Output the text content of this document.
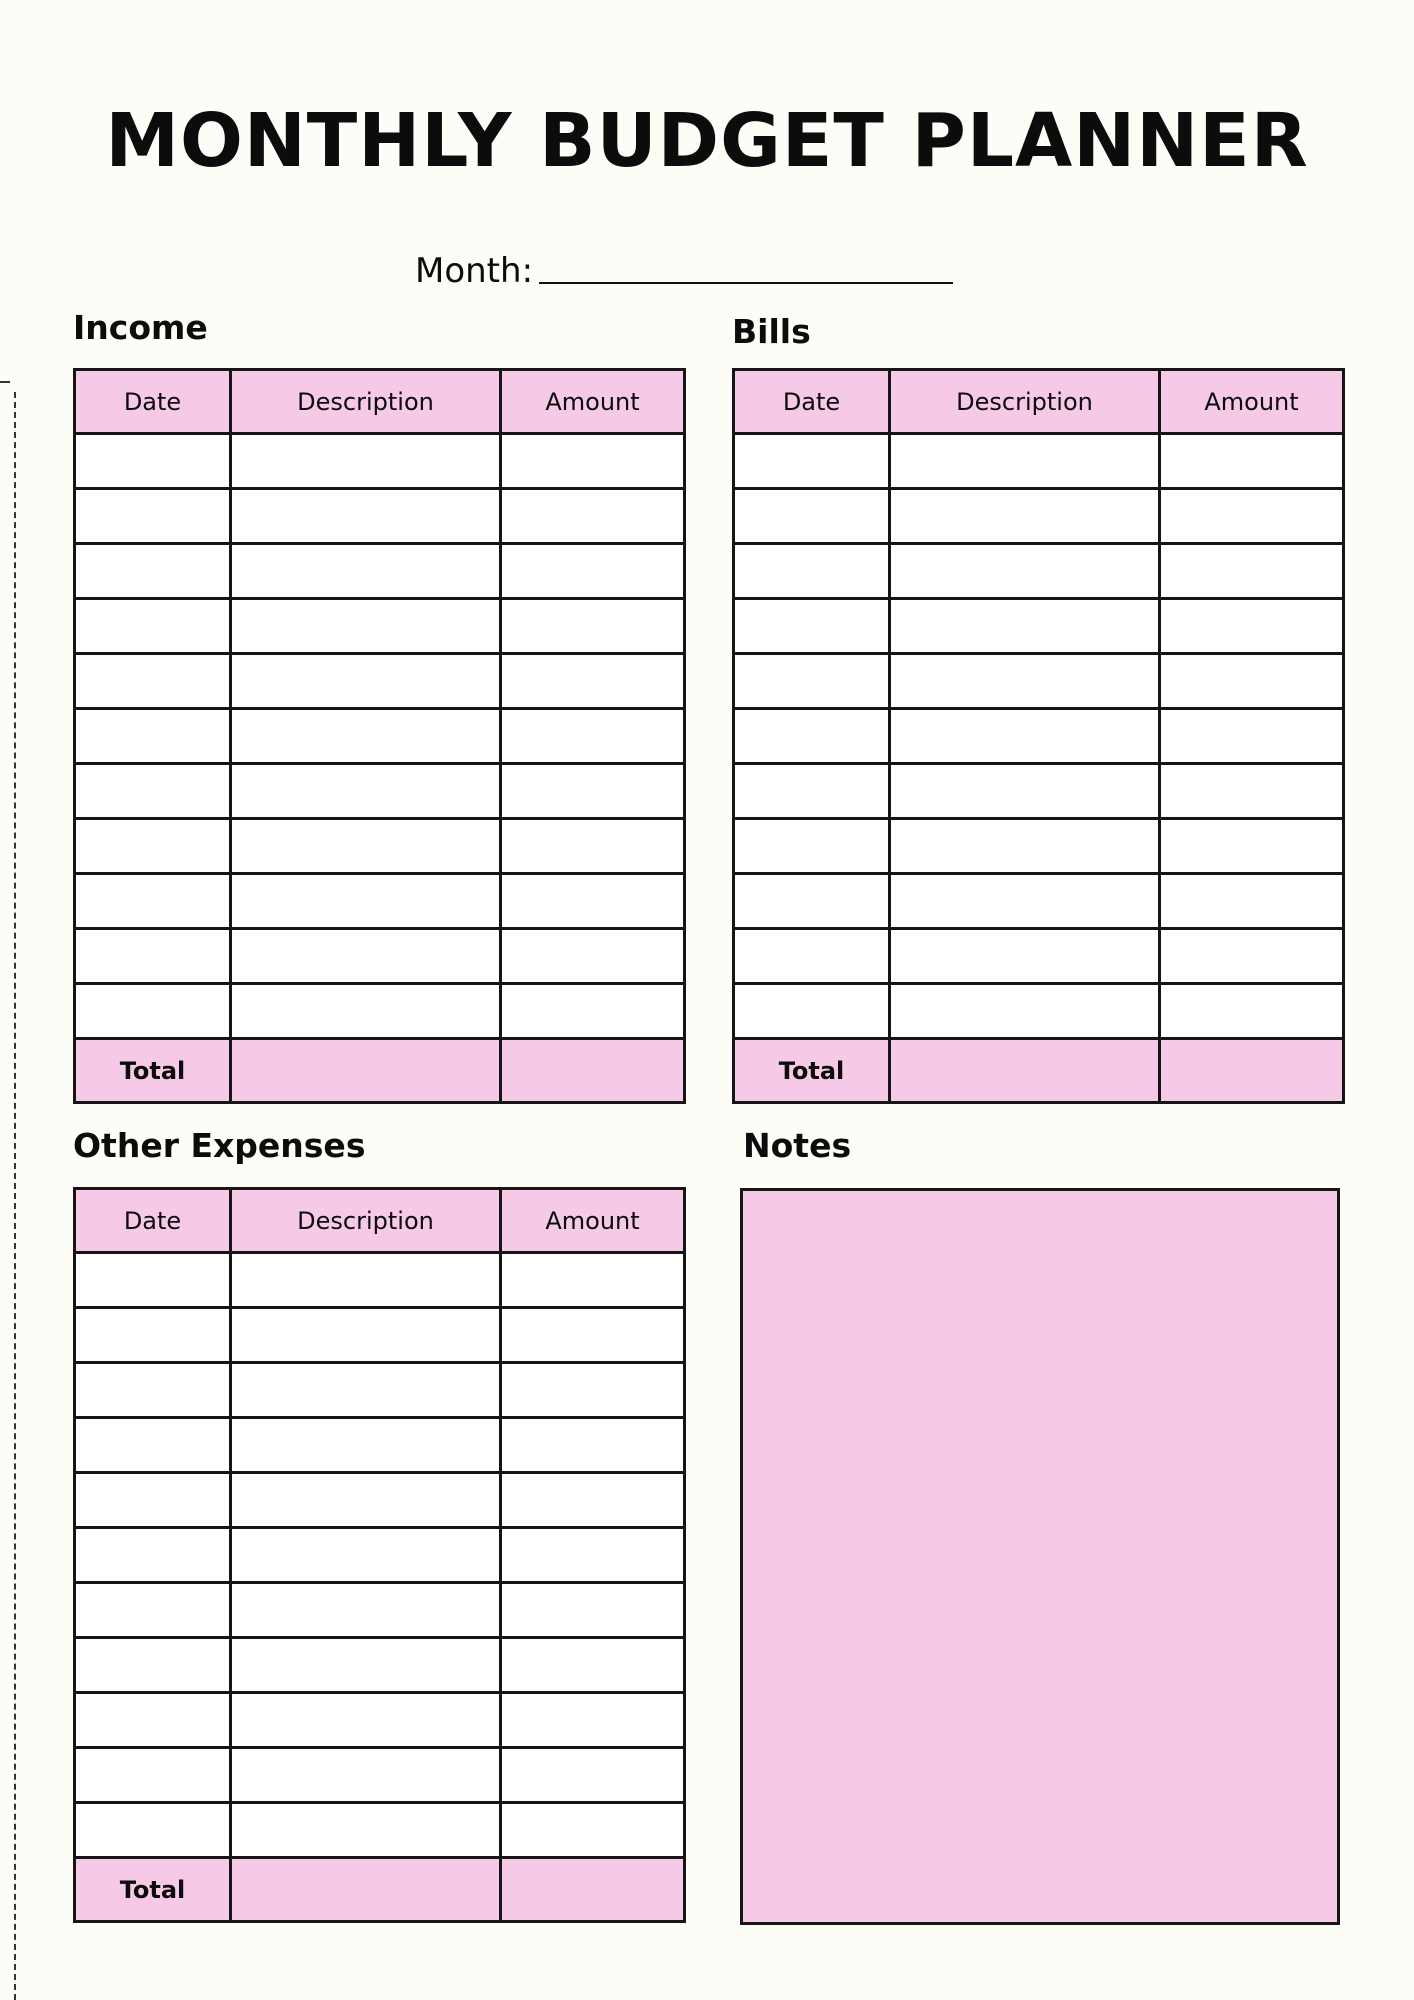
MONTHLY BUDGET PLANNER
Month:
Income
Date	Description	Amount

Total		
Bills
Date	Description	Amount

Total		
Other Expenses
Date	Description	Amount

Total		
Notes
